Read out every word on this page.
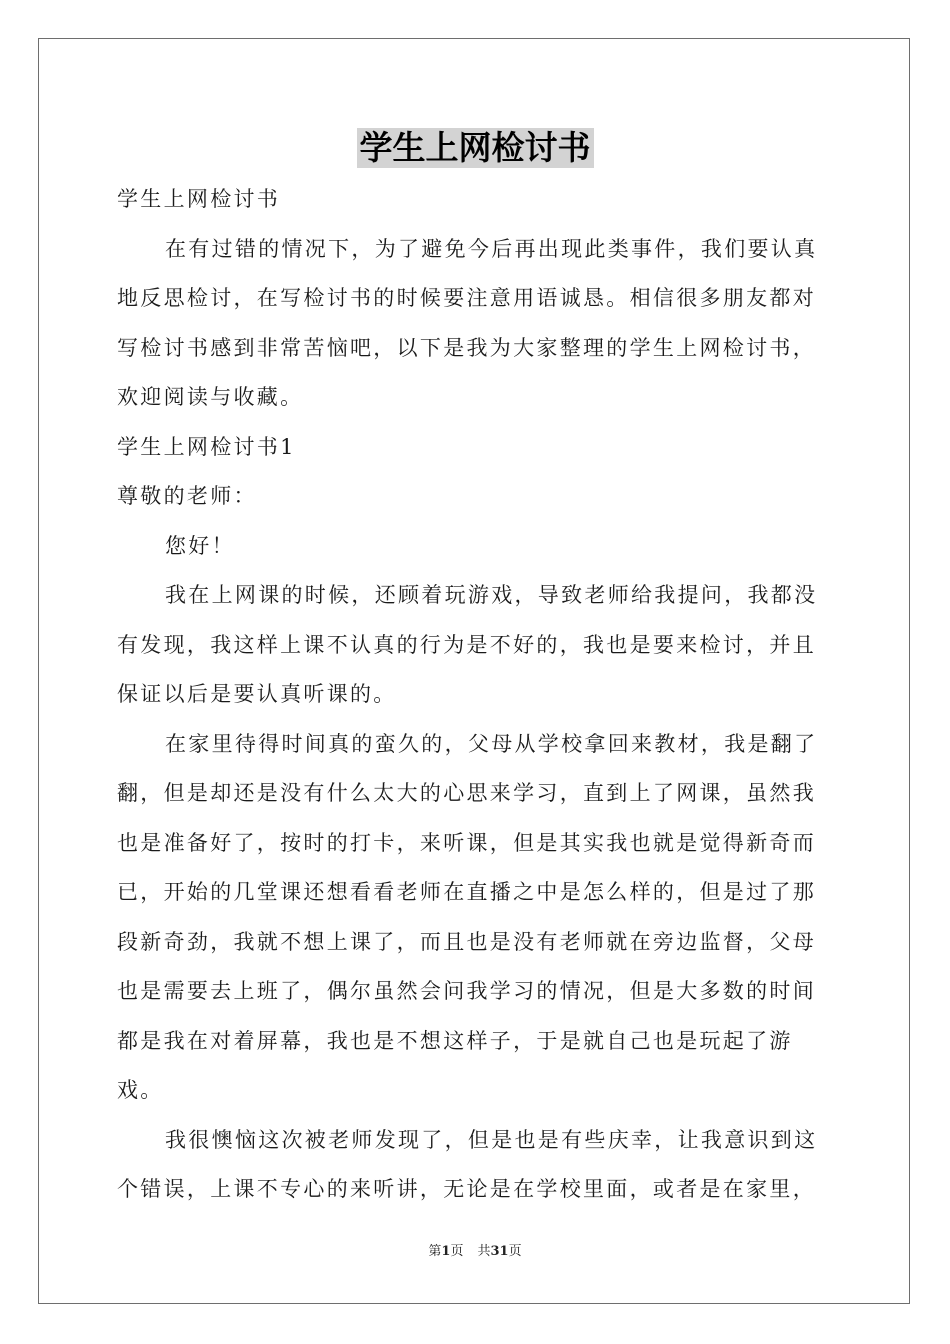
学生上网检讨书

学生上网检讨书

在有过错的情况下，为了避免今后再出现此类事件，我们要认真地反思检讨，在写检讨书的时候要注意用语诚恳。相信很多朋友都对写检讨书感到非常苦恼吧，以下是我为大家整理的学生上网检讨书，欢迎阅读与收藏。

学生上网检讨书1

尊敬的老师：

您好！

我在上网课的时候，还顾着玩游戏，导致老师给我提问，我都没有发现，我这样上课不认真的行为是不好的，我也是要来检讨，并且保证以后是要认真听课的。

在家里待得时间真的蛮久的，父母从学校拿回来教材，我是翻了翻，但是却还是没有什么太大的心思来学习，直到上了网课，虽然我也是准备好了，按时的打卡，来听课，但是其实我也就是觉得新奇而已，开始的几堂课还想看看老师在直播之中是怎么样的，但是过了那段新奇劲，我就不想上课了，而且也是没有老师就在旁边监督，父母也是需要去上班了，偶尔虽然会问我学习的情况，但是大多数的时间都是我在对着屏幕，我也是不想这样子，于是就自己也是玩起了游戏。

我很懊恼这次被老师发现了，但是也是有些庆幸，让我意识到这个错误，上课不专心的来听讲，无论是在学校里面，或者是在家里，

第1页 共31页
